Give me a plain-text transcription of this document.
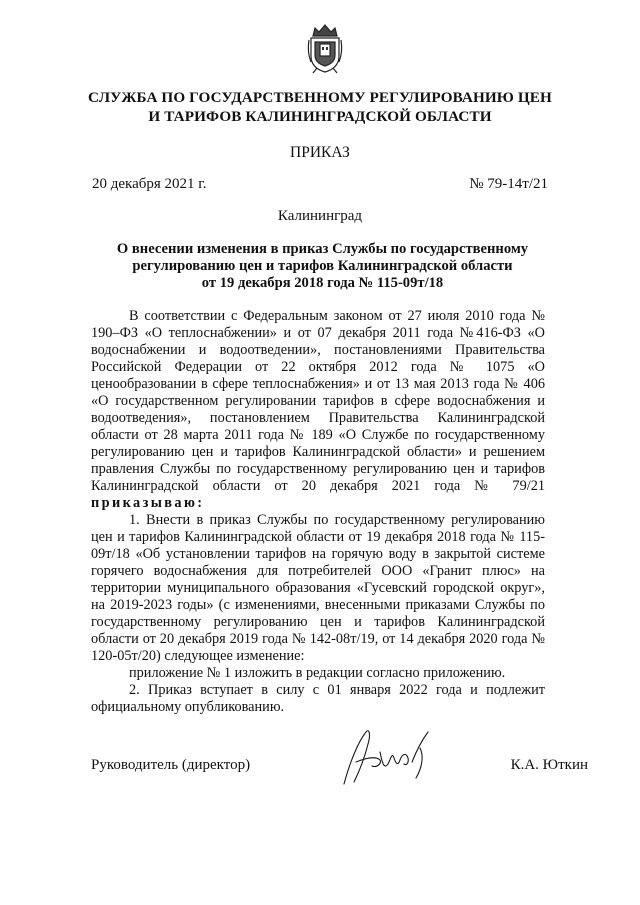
СЛУЖБА ПО ГОСУДАРСТВЕННОМУ РЕГУЛИРОВАНИЮ ЦЕН
И ТАРИФОВ КАЛИНИНГРАДСКОЙ ОБЛАСТИ
ПРИКАЗ
20 декабря 2021 г.	№ 79-14т/21
Калининград
О внесении изменения в приказ Службы по государственному
регулированию цен и тарифов Калининградской области
от 19 декабря 2018 года № 115-09т/18

В соответствии с Федеральным законом от 27 июля 2010 года № 190–ФЗ «О теплоснабжении» и от 07 декабря 2011 года №416-ФЗ «О водоснабжении и водоотведении», постановлениями Правительства Российской Федерации от 22 октября 2012 года № 1075 «О ценообразовании в сфере теплоснабжения» и от 13 мая 2013 года № 406 «О государственном регулировании тарифов в сфере водоснабжения и водоотведения», постановлением Правительства Калининградской области от 28 марта 2011 года № 189 «О Службе по государственному регулированию цен и тарифов Калининградской области» и решением правления Службы по государственному регулированию цен и тарифов Калининградской области от 20 декабря 2021 года № 79/21 приказываю:

1. Внести в приказ Службы по государственному регулированию цен и тарифов Калининградской области от 19 декабря 2018 года № 115-09т/18 «Об установлении тарифов на горячую воду в закрытой системе горячего водоснабжения для потребителей ООО «Гранит плюс» на территории муниципального образования «Гусевский городской округ», на 2019-2023 годы» (с изменениями, внесенными приказами Службы по государственному регулированию цен и тарифов Калининградской области от 20 декабря 2019 года № 142-08т/19, от 14 декабря 2020 года № 120-05т/20) следующее изменение:

приложение № 1 изложить в редакции согласно приложению.

2. Приказ вступает в силу с 01 января 2022 года и подлежит официальному опубликованию.

Руководитель (директор)	К.А. Юткин
